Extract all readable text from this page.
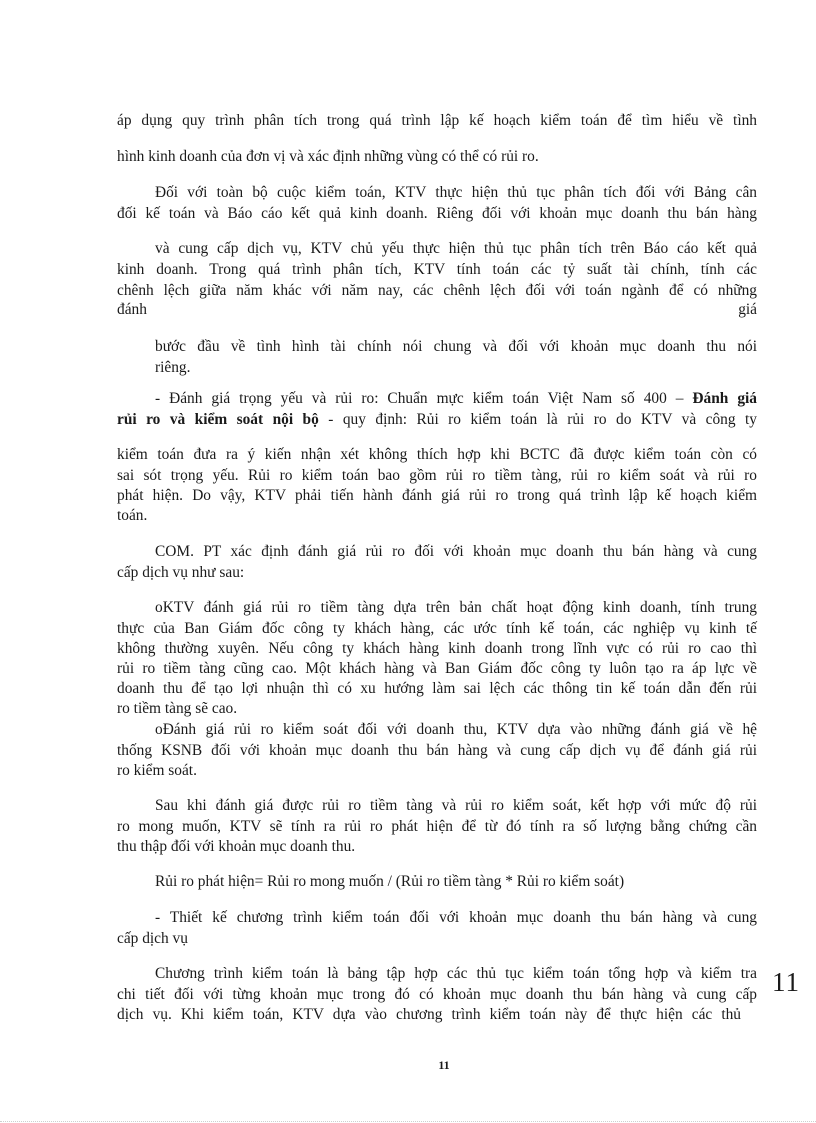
áp dụng quy trình phân tích trong quá trình lập kế hoạch kiểm toán để tìm hiểu về tình
hình kinh doanh của đơn vị và xác định những vùng có thể có rủi ro.
Đối với toàn bộ cuộc kiểm toán, KTV thực hiện thủ tục phân tích đối với Bảng cân
đối kế toán và Báo cáo kết quả kinh doanh. Riêng đối với khoản mục doanh thu bán hàng
và cung cấp dịch vụ, KTV chủ yếu thực hiện thủ tục phân tích trên Báo cáo kết quả
kinh doanh. Trong quá trình phân tích, KTV tính toán các tỷ suất tài chính, tính các
chênh lệch giữa năm khác với năm nay, các chênh lệch đối với toán ngành để có những
đánh	giá
bước đầu về tình hình tài chính nói chung và đối với khoản mục doanh thu nói
riêng.
- Đánh giá trọng yếu và rủi ro: Chuẩn mực kiểm toán Việt Nam số 400 – Đánh giá
rủi ro và kiểm soát nội bộ - quy định: Rủi ro kiểm toán là rủi ro do KTV và công ty
kiểm toán đưa ra ý kiến nhận xét không thích hợp khi BCTC đã được kiểm toán còn có
sai sót trọng yếu. Rủi ro kiểm toán bao gồm rủi ro tiềm tàng, rủi ro kiểm soát và rủi ro
phát hiện. Do vậy, KTV phải tiến hành đánh giá rủi ro trong quá trình lập kế hoạch kiểm
toán.
COM. PT xác định đánh giá rủi ro đối với khoản mục doanh thu bán hàng và cung
cấp dịch vụ như sau:
oKTV đánh giá rủi ro tiềm tàng dựa trên bản chất hoạt động kinh doanh, tính trung
thực của Ban Giám đốc công ty khách hàng, các ước tính kế toán, các nghiệp vụ kinh tế
không thường xuyên. Nếu công ty khách hàng kinh doanh trong lĩnh vực có rủi ro cao thì
rủi ro tiềm tàng cũng cao. Một khách hàng và Ban Giám đốc công ty luôn tạo ra áp lực về
doanh thu để tạo lợi nhuận thì có xu hướng làm sai lệch các thông tin kế toán dẫn đến rủi
ro tiềm tàng sẽ cao.
oĐánh giá rủi ro kiểm soát đối với doanh thu, KTV dựa vào những đánh giá về hệ
thống KSNB đối với khoản mục doanh thu bán hàng và cung cấp dịch vụ để đánh giá rủi
ro kiểm soát.
Sau khi đánh giá được rủi ro tiềm tàng và rủi ro kiểm soát, kết hợp với mức độ rủi
ro mong muốn, KTV sẽ tính ra rủi ro phát hiện để từ đó tính ra số lượng bằng chứng cần
thu thập đối với khoản mục doanh thu.
Rủi ro phát hiện= Rủi ro mong muốn / (Rủi ro tiềm tàng * Rủi ro kiểm soát)
- Thiết kế chương trình kiểm toán đối với khoản mục doanh thu bán hàng và cung
cấp dịch vụ
Chương trình kiểm toán là bảng tập hợp các thủ tục kiểm toán tổng hợp và kiểm tra
chi tiết đối với từng khoản mục trong đó có khoản mục doanh thu bán hàng và cung cấp
dịch vụ. Khi kiểm toán, KTV dựa vào chương trình kiểm toán này để thực hiện các thủ
11
11
